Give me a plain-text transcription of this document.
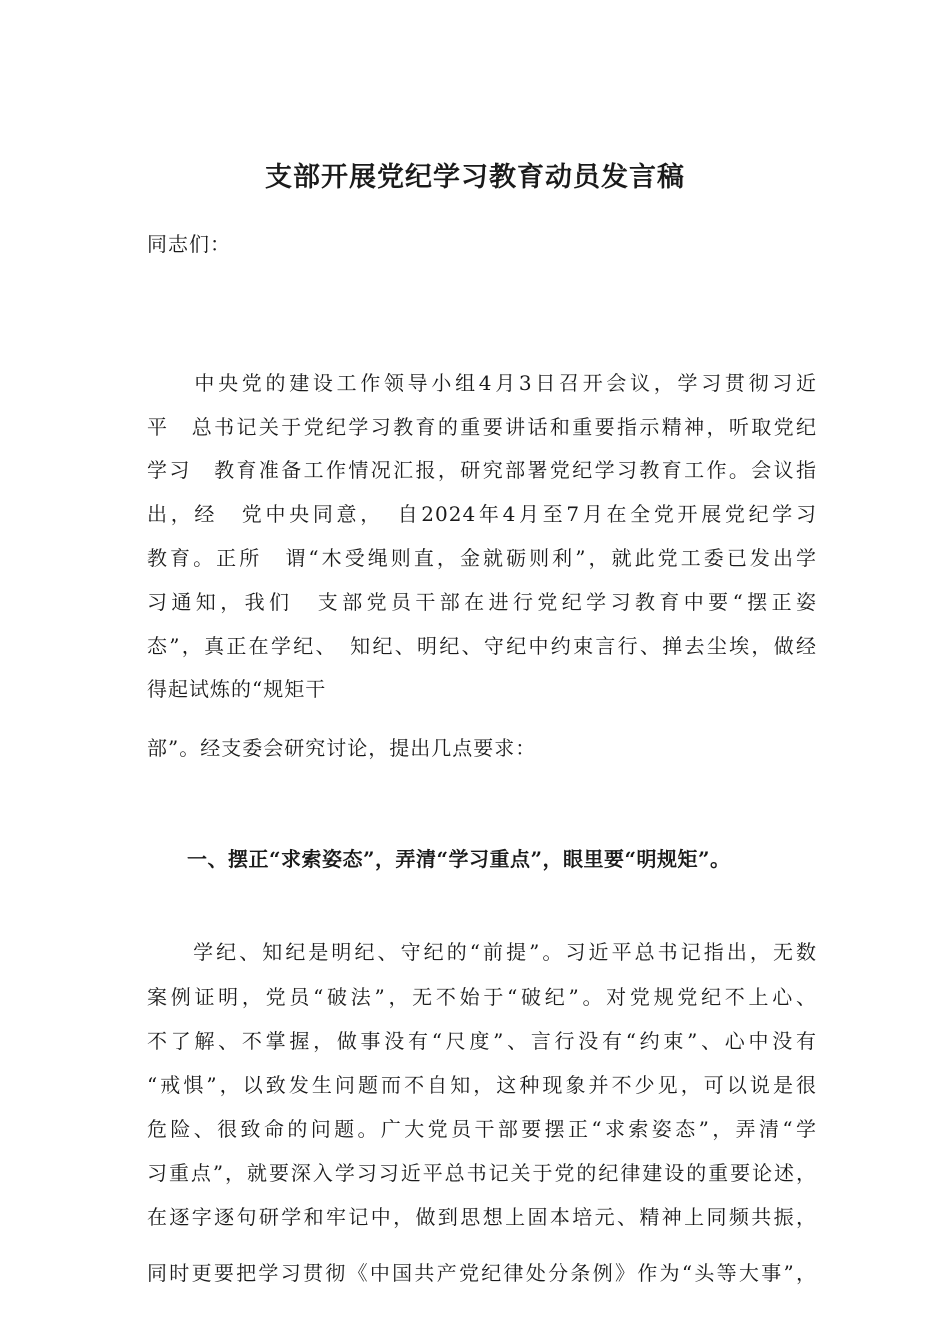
支部开展党纪学习教育动员发言稿
同志们：
　　中央党的建设工作领导小组4月3日召开会议，学习贯彻习近
平　总书记关于党纪学习教育的重要讲话和重要指示精神，听取党纪
学习　教育准备工作情况汇报，研究部署党纪学习教育工作。会议指
出，经　党中央同意，　自2024年4月至7月在全党开展党纪学习
教育。正所　谓“木受绳则直，金就砺则利”，就此党工委已发出学
习通知，我们　支部党员干部在进行党纪学习教育中要“摆正姿
态”，真正在学纪、　知纪、明纪、守纪中约束言行、掸去尘埃，做经
得起试炼的“规矩干
部”。经支委会研究讨论，提出几点要求：
一、摆正“求索姿态”，弄清“学习重点”，眼里要“明规矩”。
　　学纪、知纪是明纪、守纪的“前提”。习近平总书记指出，无数
案例证明，党员“破法”，无不始于“破纪”。对党规党纪不上心、
不了解、不掌握，做事没有“尺度”、言行没有“约束”、心中没有
“戒惧”，以致发生问题而不自知，这种现象并不少见，可以说是很
危险、很致命的问题。广大党员干部要摆正“求索姿态”，弄清“学
习重点”，就要深入学习习近平总书记关于党的纪律建设的重要论述，
在逐字逐句研学和牢记中，做到思想上固本培元、精神上同频共振，
同时更要把学习贯彻《中国共产党纪律处分条例》作为“头等大事”，
